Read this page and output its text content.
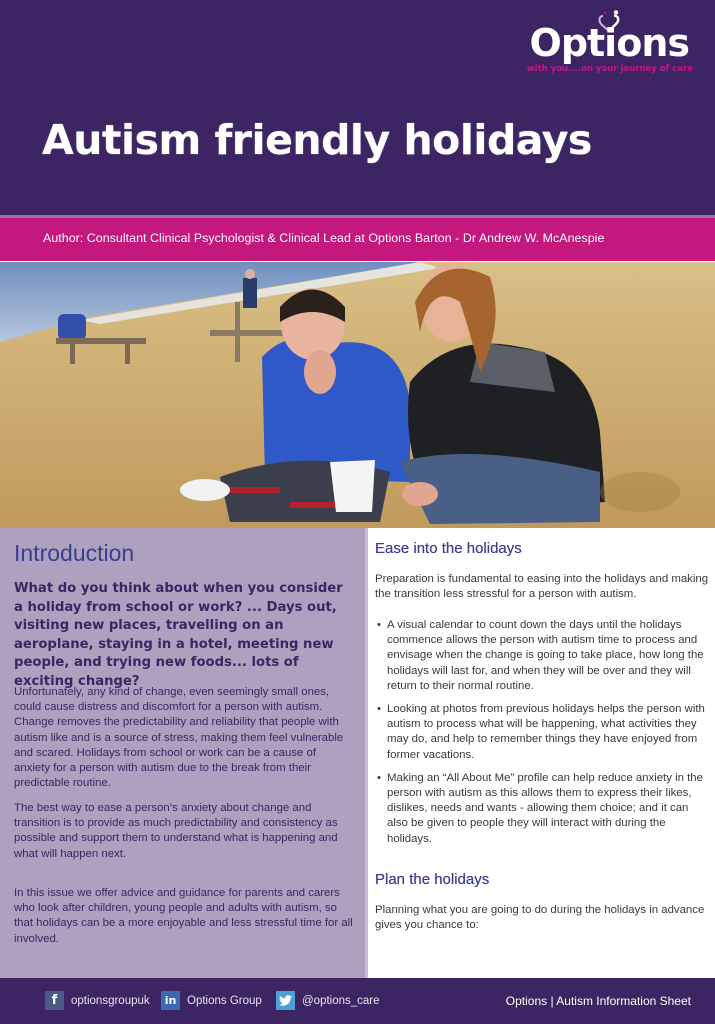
Options
with you....on your journey of care
Autism friendly holidays
Author: Consultant Clinical Psychologist & Clinical Lead at Options Barton - Dr Andrew W. McAnespie
Introduction

What do you think about when you consider a holiday from school or work? ... Days out, visiting new places, travelling on an aeroplane, staying in a hotel, meeting new people, and trying new foods... lots of exciting change?

Unfortunately, any kind of change, even seemingly small ones, could cause distress and discomfort for a person with autism. Change removes the predictability and reliability that people with autism like and is a source of stress, making them feel vulnerable and scared. Holidays from school or work can be a cause of anxiety for a person with autism due to the break from their predictable routine.

The best way to ease a person’s anxiety about change and transition is to provide as much predictability and consistency as possible and support them to understand what is happening and what will happen next.

In this issue we offer advice and guidance for parents and carers who look after children, young people and adults with autism, so that holidays can be a more enjoyable and less stressful time for all involved.

Ease into the holidays

Preparation is fundamental to easing into the holidays and making the transition less stressful for a person with autism.

• A visual calendar to count down the days until the holidays commence allows the person with autism time to process and envisage when the change is going to take place, how long the holidays will last for, and when they will be over and they will return to their normal routine.
• Looking at photos from previous holidays helps the person with autism to process what will be happening, what activities they may do, and help to remember things they have enjoyed from former vacations.
• Making an “All About Me” profile can help reduce anxiety in the person with autism as this allows them to express their likes, dislikes, needs and wants - allowing them choice; and it can also be given to people they will interact with during the holidays.
Plan the holidays

Planning what you are going to do during the holidays in advance gives you chance to:

f	optionsgroupuk	in Options Group	@options_care	Options | Autism Information Sheet
